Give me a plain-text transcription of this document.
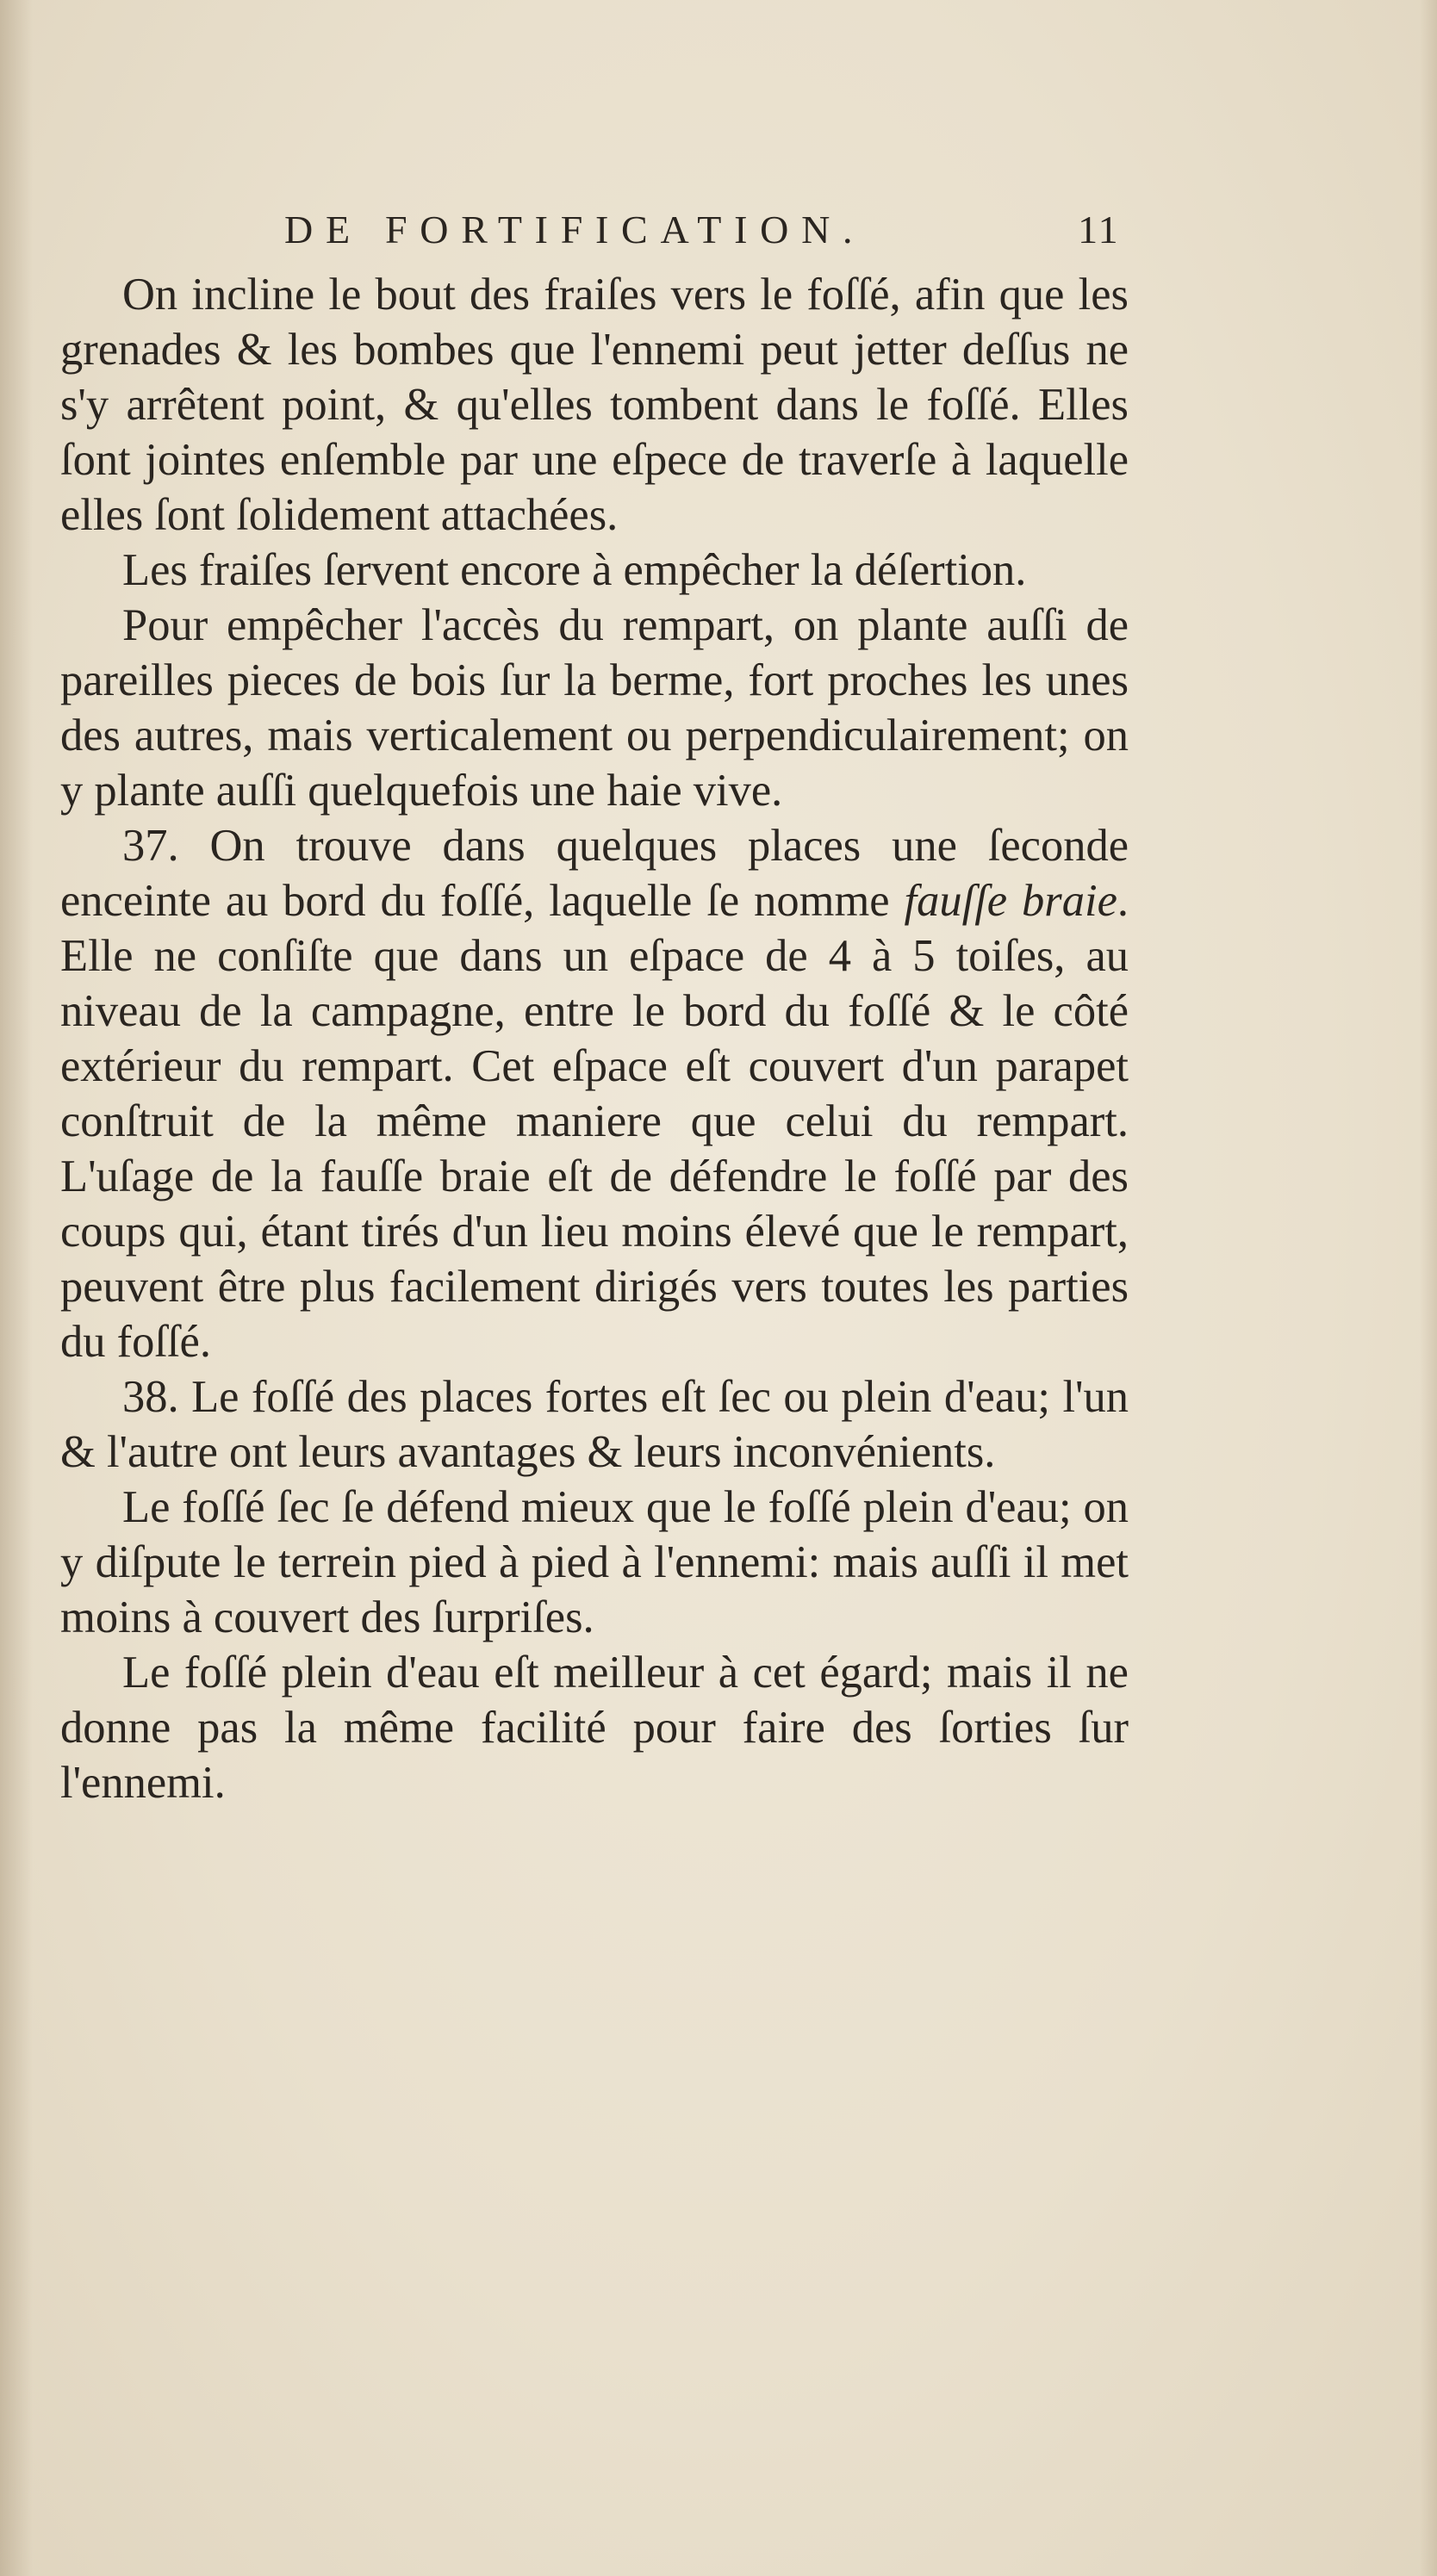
DE FORTIFICATION.	11

On incline le bout des fraiſes vers le foſſé, afin que les grenades & les bombes que l'ennemi peut jetter deſſus ne s'y arrêtent point, & qu'elles tombent dans le foſſé. Elles ſont jointes enſemble par une eſpece de traverſe à laquelle elles ſont ſolidement attachées.

Les fraiſes ſervent encore à empêcher la déſertion.

Pour empêcher l'accès du rempart, on plante auſſi de pareilles pieces de bois ſur la berme, fort proches les unes des autres, mais verticalement ou perpendiculairement; on y plante auſſi quelquefois une haie vive.

37. On trouve dans quelques places une ſeconde enceinte au bord du foſſé, laquelle ſe nomme fauſſe braie. Elle ne conſiſte que dans un eſpace de 4 à 5 toiſes, au niveau de la campagne, entre le bord du foſſé & le côté extérieur du rempart. Cet eſpace eſt couvert d'un parapet conſtruit de la même maniere que celui du rempart. L'uſage de la fauſſe braie eſt de défendre le foſſé par des coups qui, étant tirés d'un lieu moins élevé que le rempart, peuvent être plus facilement dirigés vers toutes les parties du foſſé.

38. Le foſſé des places fortes eſt ſec ou plein d'eau; l'un & l'autre ont leurs avantages & leurs inconvénients.

Le foſſé ſec ſe défend mieux que le foſſé plein d'eau; on y diſpute le terrein pied à pied à l'ennemi: mais auſſi il met moins à couvert des ſurpriſes.

Le foſſé plein d'eau eſt meilleur à cet égard; mais il ne donne pas la même facilité pour faire des ſorties ſur l'ennemi.
